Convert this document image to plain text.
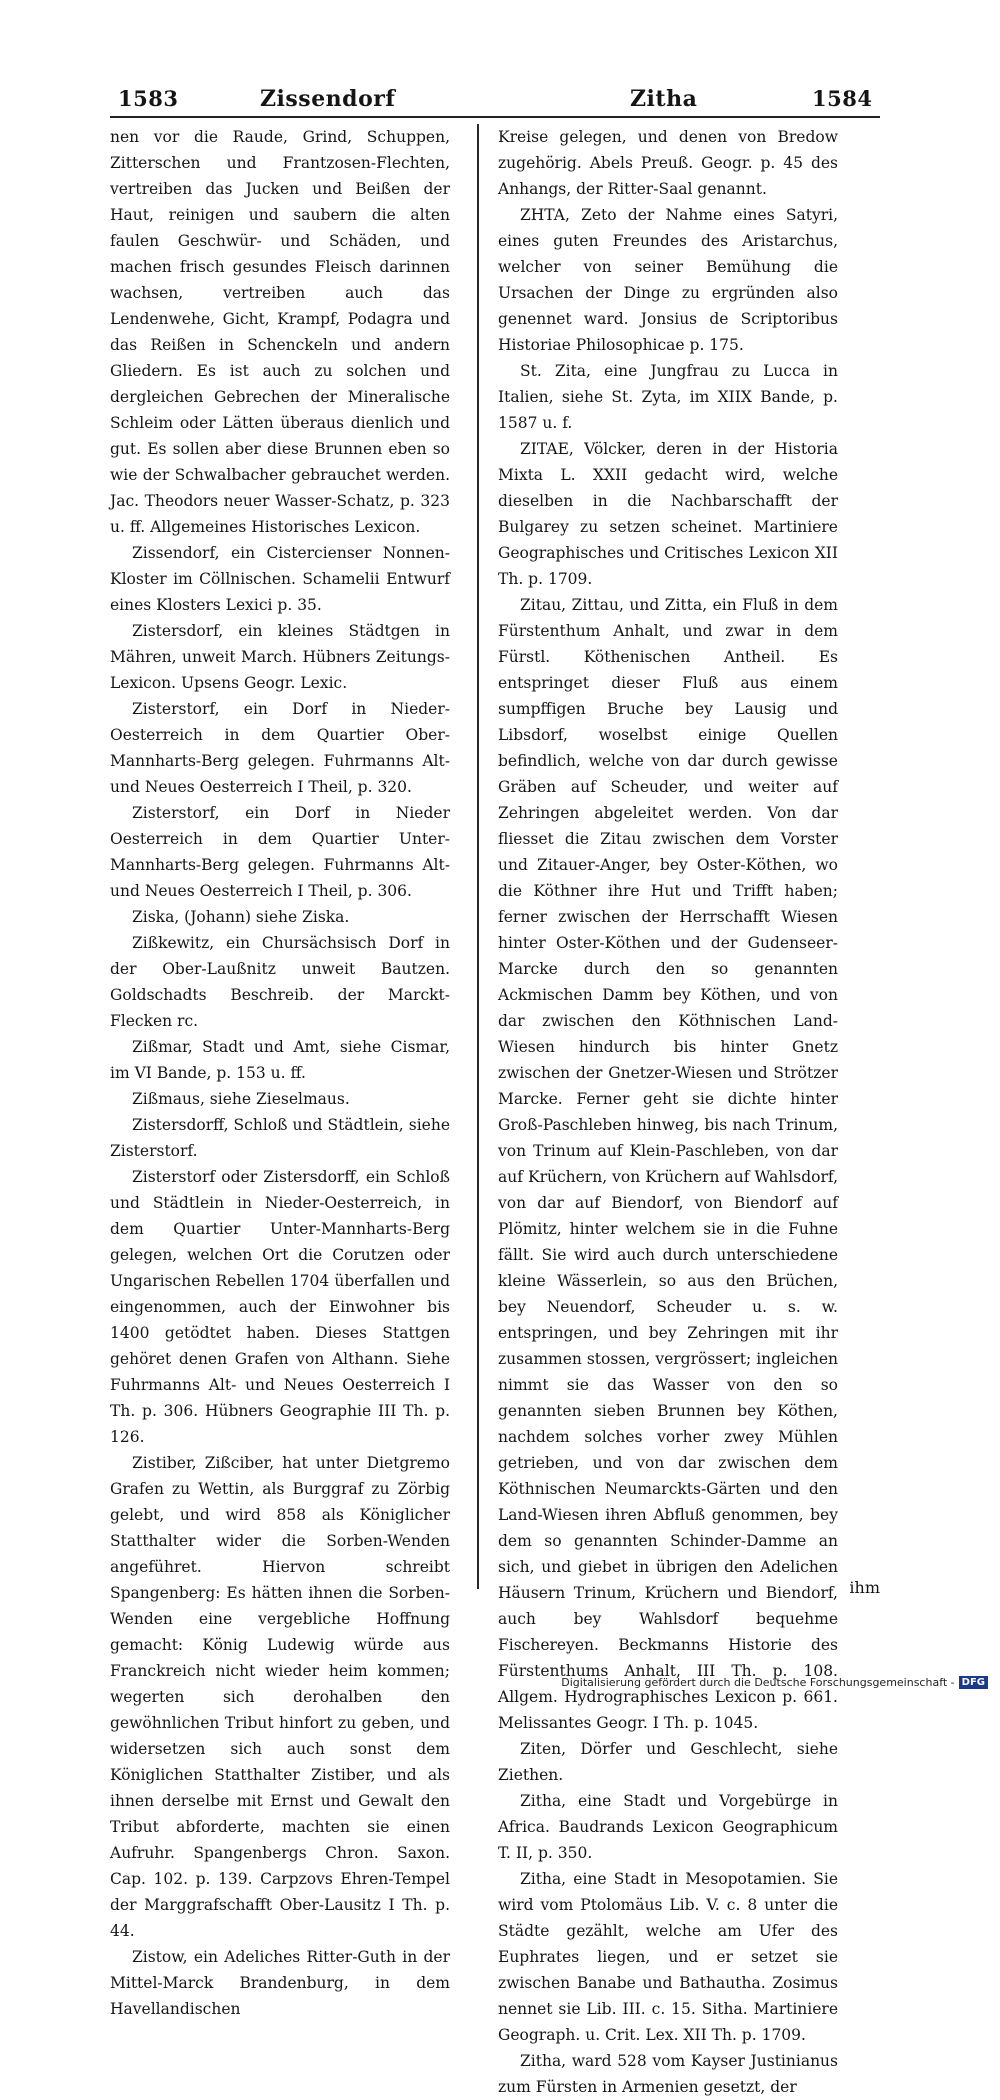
1583	Zissendorf	Zitha	1584

nen vor die Raude, Grind, Schuppen, Zitterschen und Frantzosen-Flechten, vertreiben das Jucken und Beißen der Haut, reinigen und saubern die alten faulen Geschwür- und Schäden, und machen frisch gesundes Fleisch darinnen wachsen, vertreiben auch das Lendenwehe, Gicht, Krampf, Podagra und das Reißen in Schenckeln und andern Gliedern. Es ist auch zu solchen und dergleichen Gebrechen der Mineralische Schleim oder Lätten überaus dienlich und gut. Es sollen aber diese Brunnen eben so wie der Schwalbacher gebrauchet werden. Jac. Theodors neuer Wasser-Schatz, p. 323 u. ff. Allgemeines Historisches Lexicon.

Zissendorf, ein Cistercienser Nonnen-Kloster im Cöllnischen. Schamelii Entwurf eines Klosters Lexici p. 35.

Zistersdorf, ein kleines Städtgen in Mähren, unweit March. Hübners Zeitungs-Lexicon. Upsens Geogr. Lexic.

Zisterstorf, ein Dorf in Nieder-Oesterreich in dem Quartier Ober-Mannharts-Berg gelegen. Fuhrmanns Alt- und Neues Oesterreich I Theil, p. 320.

Zisterstorf, ein Dorf in Nieder Oesterreich in dem Quartier Unter-Mannharts-Berg gelegen. Fuhrmanns Alt- und Neues Oesterreich I Theil, p. 306.

Ziska, (Johann) siehe Ziska.

Zißkewitz, ein Chursächsisch Dorf in der Ober-Laußnitz unweit Bautzen. Goldschadts Beschreib. der Marckt-Flecken rc.

Zißmar, Stadt und Amt, siehe Cismar, im VI Bande, p. 153 u. ff.

Zißmaus, siehe Zieselmaus.

Zistersdorff, Schloß und Städtlein, siehe Zisterstorf.

Zisterstorf oder Zistersdorff, ein Schloß und Städtlein in Nieder-Oesterreich, in dem Quartier Unter-Mannharts-Berg gelegen, welchen Ort die Corutzen oder Ungarischen Rebellen 1704 überfallen und eingenommen, auch der Einwohner bis 1400 getödtet haben. Dieses Stattgen gehöret denen Grafen von Althann. Siehe Fuhrmanns Alt- und Neues Oesterreich I Th. p. 306. Hübners Geographie III Th. p. 126.

Zistiber, Zißciber, hat unter Dietgremo Grafen zu Wettin, als Burggraf zu Zörbig gelebt, und wird 858 als Königlicher Statthalter wider die Sorben-Wenden angeführet. Hiervon schreibt Spangenberg: Es hätten ihnen die Sorben-Wenden eine vergebliche Hoffnung gemacht: König Ludewig würde aus Franckreich nicht wieder heim kommen; wegerten sich derohalben den gewöhnlichen Tribut hinfort zu geben, und widersetzen sich auch sonst dem Königlichen Statthalter Zistiber, und als ihnen derselbe mit Ernst und Gewalt den Tribut abforderte, machten sie einen Aufruhr. Spangenbergs Chron. Saxon. Cap. 102. p. 139. Carpzovs Ehren-Tempel der Marggrafschafft Ober-Lausitz I Th. p. 44.

Zistow, ein Adeliches Ritter-Guth in der Mittel-Marck Brandenburg, in dem Havellandischen

Kreise gelegen, und denen von Bredow zugehörig. Abels Preuß. Geogr. p. 45 des Anhangs, der Ritter-Saal genannt.

ZHTA, Zeto der Nahme eines Satyri, eines guten Freundes des Aristarchus, welcher von seiner Bemühung die Ursachen der Dinge zu ergründen also genennet ward. Jonsius de Scriptoribus Historiae Philosophicae p. 175.

St. Zita, eine Jungfrau zu Lucca in Italien, siehe St. Zyta, im XIIX Bande, p. 1587 u. f.

ZITAE, Völcker, deren in der Historia Mixta L. XXII gedacht wird, welche dieselben in die Nachbarschafft der Bulgarey zu setzen scheinet. Martiniere Geographisches und Critisches Lexicon XII Th. p. 1709.

Zitau, Zittau, und Zitta, ein Fluß in dem Fürstenthum Anhalt, und zwar in dem Fürstl. Köthenischen Antheil. Es entspringet dieser Fluß aus einem sumpffigen Bruche bey Lausig und Libsdorf, woselbst einige Quellen befindlich, welche von dar durch gewisse Gräben auf Scheuder, und weiter auf Zehringen abgeleitet werden. Von dar fliesset die Zitau zwischen dem Vorster und Zitauer-Anger, bey Oster-Köthen, wo die Köthner ihre Hut und Trifft haben; ferner zwischen der Herrschafft Wiesen hinter Oster-Köthen und der Gudenseer-Marcke durch den so genannten Ackmischen Damm bey Köthen, und von dar zwischen den Köthnischen Land-Wiesen hindurch bis hinter Gnetz zwischen der Gnetzer-Wiesen und Strötzer Marcke. Ferner geht sie dichte hinter Groß-Paschleben hinweg, bis nach Trinum, von Trinum auf Klein-Paschleben, von dar auf Krüchern, von Krüchern auf Wahlsdorf, von dar auf Biendorf, von Biendorf auf Plömitz, hinter welchem sie in die Fuhne fällt. Sie wird auch durch unterschiedene kleine Wässerlein, so aus den Brüchen, bey Neuendorf, Scheuder u. s. w. entspringen, und bey Zehringen mit ihr zusammen stossen, vergrössert; ingleichen nimmt sie das Wasser von den so genannten sieben Brunnen bey Köthen, nachdem solches vorher zwey Mühlen getrieben, und von dar zwischen dem Köthnischen Neumarckts-Gärten und den Land-Wiesen ihren Abfluß genommen, bey dem so genannten Schinder-Damme an sich, und giebet in übrigen den Adelichen Häusern Trinum, Krüchern und Biendorf, auch bey Wahlsdorf bequehme Fischereyen. Beckmanns Historie des Fürstenthums Anhalt, III Th. p. 108. Allgem. Hydrographisches Lexicon p. 661. Melissantes Geogr. I Th. p. 1045.

Ziten, Dörfer und Geschlecht, siehe Ziethen.

Zitha, eine Stadt und Vorgebürge in Africa. Baudrands Lexicon Geographicum T. II, p. 350.

Zitha, eine Stadt in Mesopotamien. Sie wird vom Ptolomäus Lib. V. c. 8 unter die Städte gezählt, welche am Ufer des Euphrates liegen, und er setzet sie zwischen Banabe und Bathautha. Zosimus nennet sie Lib. III. c. 15. Sitha. Martiniere Geograph. u. Crit. Lex. XII Th. p. 1709.

Zitha, ward 528 vom Kayser Justinianus zum Fürsten in Armenien gesetzt, der

ihm
Digitalisierung gefördert durch die Deutsche Forschungsgemeinschaft - DFG
